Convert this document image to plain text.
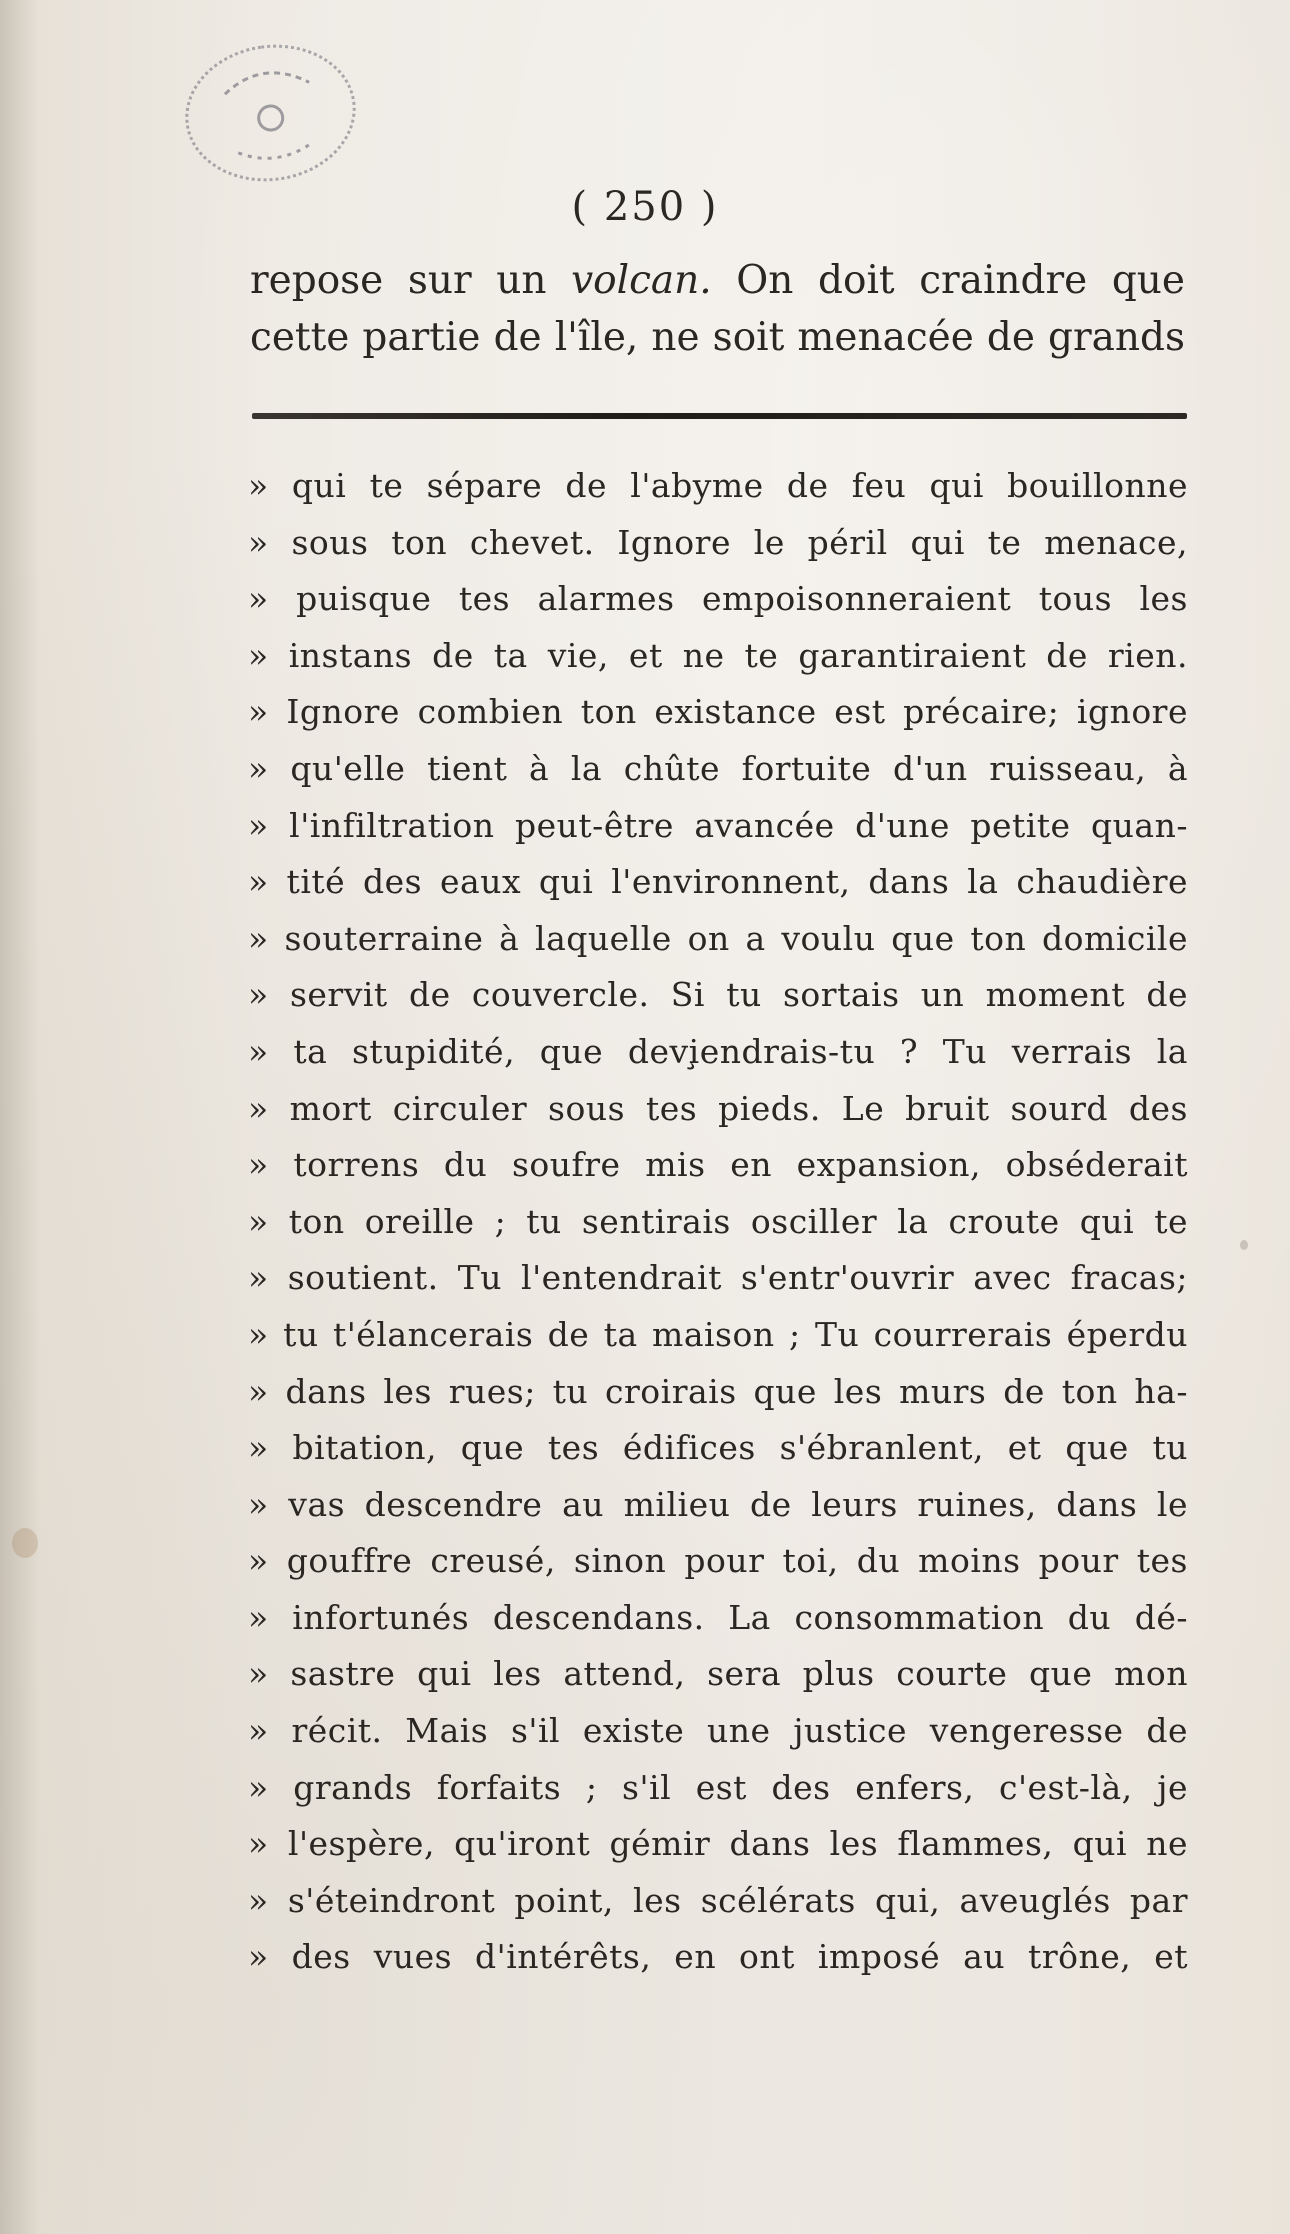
( 250 )

repose sur un volcan. On doit craindre que

cette partie de l'île, ne soit menacée de grands

» qui te sépare de l'abyme de feu qui bouillonne
» sous ton chevet. Ignore le péril qui te menace,
» puisque tes alarmes empoisonneraient tous les
» instans de ta vie, et ne te garantiraient de rien.
» Ignore combien ton existance est précaire; ignore
» qu'elle tient à la chûte fortuite d'un ruisseau, à
» l'infiltration peut-être avancée d'une petite quan-
» tité des eaux qui l'environnent, dans la chaudière
» souterraine à laquelle on a voulu que ton domicile
» servit de couvercle. Si tu sortais un moment de
» ta stupidité, que devi̧endrais-tu ? Tu verrais la
» mort circuler sous tes pieds. Le bruit sourd des
» torrens du soufre mis en expansion, obséderait
» ton oreille ; tu sentirais osciller la croute qui te
» soutient. Tu l'entendrait s'entr'ouvrir avec fracas;
» tu t'élancerais de ta maison ; Tu courrerais éperdu
» dans les rues; tu croirais que les murs de ton ha-
» bitation, que tes édifices s'ébranlent, et que tu
» vas descendre au milieu de leurs ruines, dans le
» gouffre creusé, sinon pour toi, du moins pour tes
» infortunés descendans. La consommation du dé-
» sastre qui les attend, sera plus courte que mon
» récit. Mais s'il existe une justice vengeresse de
» grands forfaits ; s'il est des enfers, c'est-là, je
» l'espère, qu'iront gémir dans les flammes, qui ne
» s'éteindront point, les scélérats qui, aveuglés par
» des vues d'intérêts, en ont imposé au trône, et
